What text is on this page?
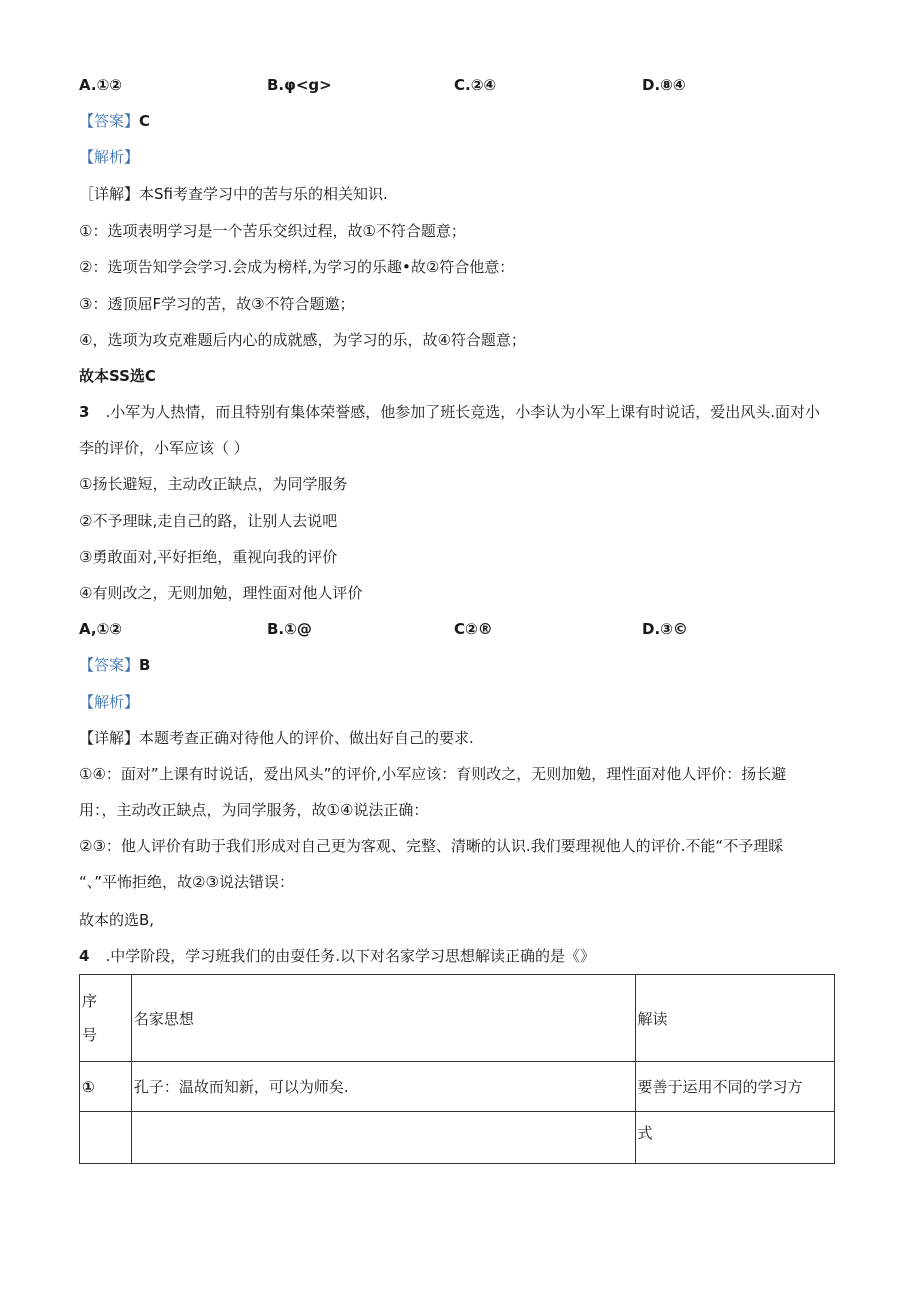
A.①②	B.φ<g>	C.②④	D.⑧④
【答案】C
【解析】
［详解】本Sfi考查学习中的苦与乐的相关知识.
①：选项表明学习是一个苦乐交织过程，故①不符合题意；
②：选项告知学会学习.会成为榜样,为学习的乐趣•故②符合他意：
③：透顶屈F学习的苦，故③不符合题邀；
④，选项为攻克难题后内心的成就感，为学习的乐，故④符合题意；
故本SS选C
3 .小军为人热情，而且特别有集体荣誉感，他参加了班长竞选，小李认为小军上课有时说话，爱出风头.面对小
李的评价，小军应该（ ）
①扬长避短，主动改正缺点，为同学服务
②不予理昧,走自己的路，让别人去说吧
③勇敢面对,平好拒绝，重视向我的评价
④有则改之，无则加勉，理性面对他人评价
A,①②	B.①@	C②®	D.③©
【答案】B
【解析】
【详解】本题考查正确对待他人的评价、做出好自己的要求.
①④：面对”上课有时说话，爱出风头”的评价,小军应该：育则改之，无则加勉，理性面对他人评价：扬长避
用：，主动改正缺点，为同学服务，故①④说法正确：
②③：他人评价有助于我们形成对自己更为客观、完整、清晰的认识.我们要理视他人的评价.不能“不予理睬
“、”平怖拒绝，故②③说法错误：
故本的选B,
4 .中学阶段，学习班我们的由耍任务.以下对名家学习思想解读正确的是《》
序
号	名家思想	解读
①	孔子：温故而知新，可以为师矣.	要善于运用不同的学习方
		式
